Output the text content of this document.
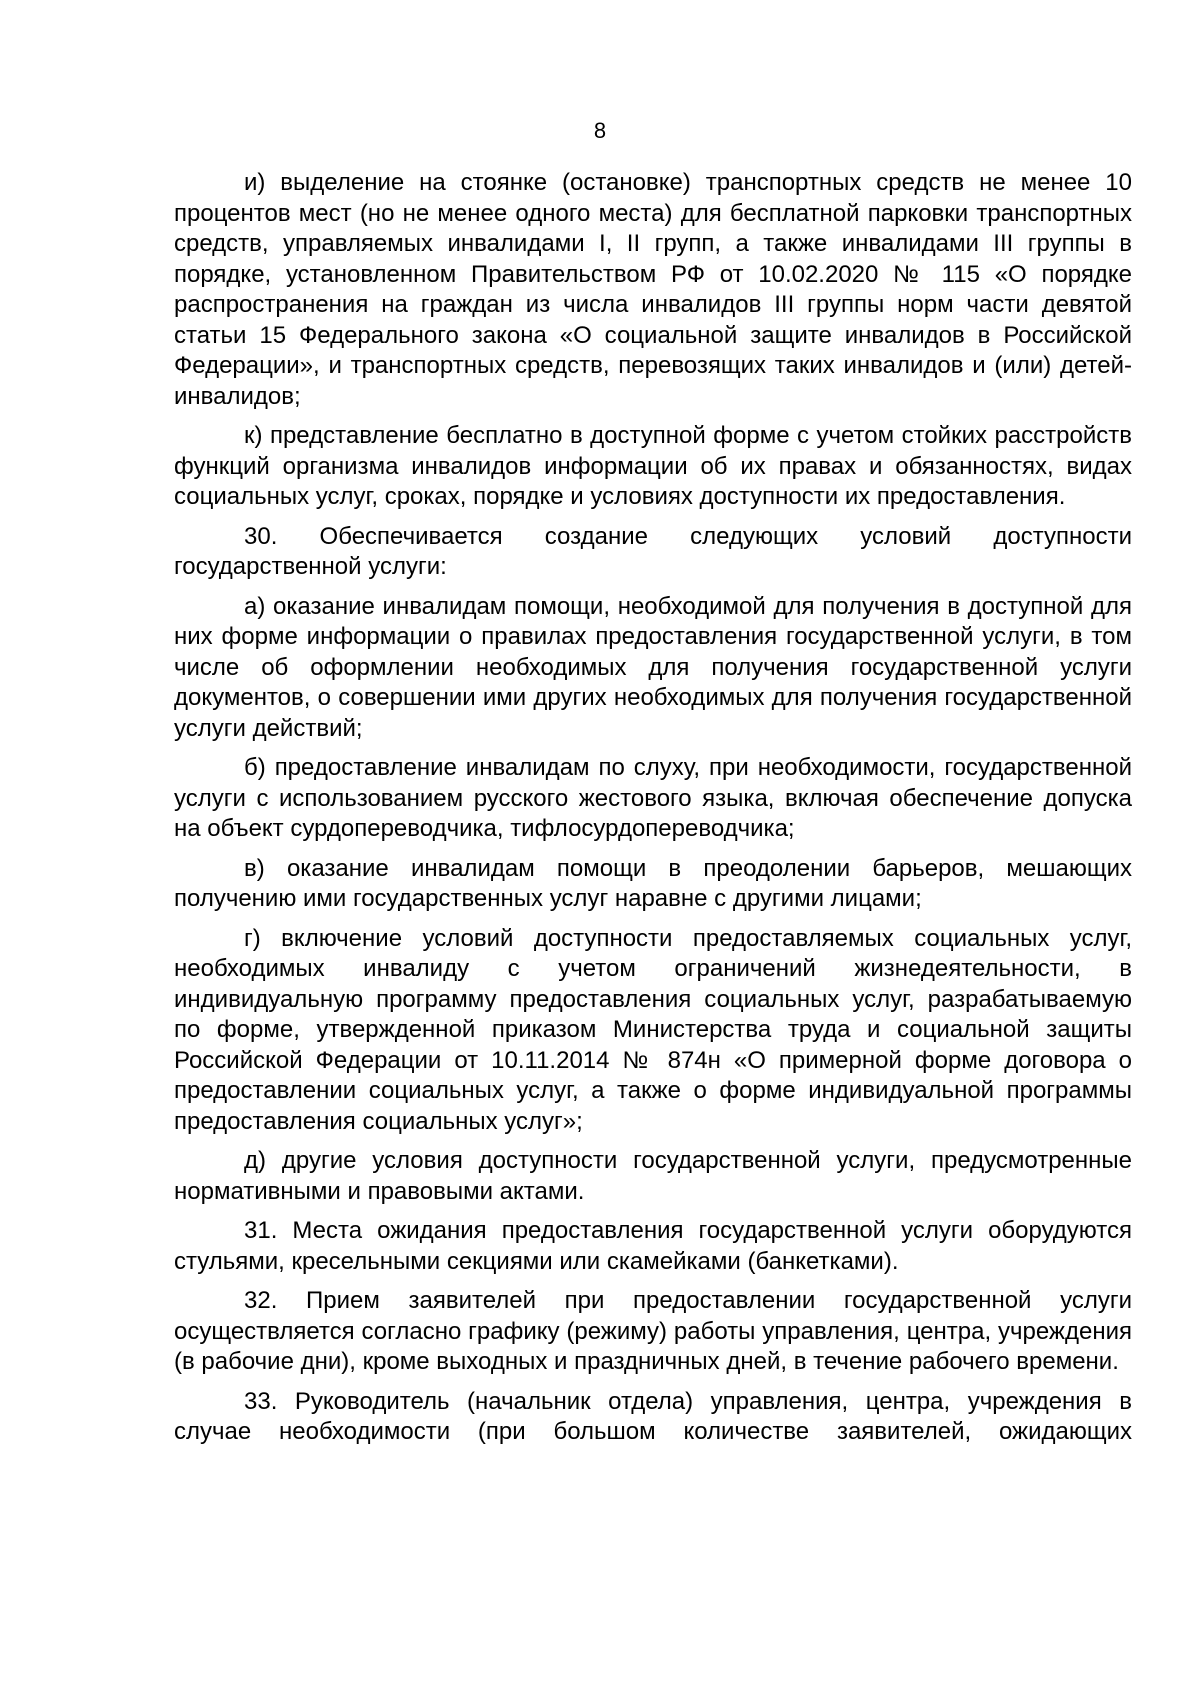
8

и) выделение на стоянке (остановке) транспортных средств не менее 10 процентов мест (но не менее одного места) для бесплатной парковки транспортных средств, управляемых инвалидами I, II групп, а также инвалидами III группы в порядке, установленном Правительством РФ от 10.02.2020 № 115 «О порядке распространения на граждан из числа инвалидов III группы норм части девятой статьи 15 Федерального закона «О социальной защите инвалидов в Российской Федерации», и транспортных средств, перевозящих таких инвалидов и (или) детей-инвалидов;

к) представление бесплатно в доступной форме с учетом стойких расстройств функций организма инвалидов информации об их правах и обязанностях, видах социальных услуг, сроках, порядке и условиях доступности их предоставления.

30. Обеспечивается создание следующих условий доступности государственной услуги:

а) оказание инвалидам помощи, необходимой для получения в доступной для них форме информации о правилах предоставления государственной услуги, в том числе об оформлении необходимых для получения государственной услуги документов, о совершении ими других необходимых для получения государственной услуги действий;

б) предоставление инвалидам по слуху, при необходимости, государственной услуги с использованием русского жестового языка, включая обеспечение допуска на объект сурдопереводчика, тифлосурдопереводчика;

в) оказание инвалидам помощи в преодолении барьеров, мешающих получению ими государственных услуг наравне с другими лицами;

г) включение условий доступности предоставляемых социальных услуг, необходимых инвалиду с учетом ограничений жизнедеятельности, в индивидуальную программу предоставления социальных услуг, разрабатываемую по форме, утвержденной приказом Министерства труда и социальной защиты Российской Федерации от 10.11.2014 № 874н «О примерной форме договора о предоставлении социальных услуг, а также о форме индивидуальной программы предоставления социальных услуг»;

д) другие условия доступности государственной услуги, предусмотренные нормативными и правовыми актами.

31. Места ожидания предоставления государственной услуги оборудуются стульями, кресельными секциями или скамейками (банкетками).

32. Прием заявителей при предоставлении государственной услуги осуществляется согласно графику (режиму) работы управления, центра, учреждения (в рабочие дни), кроме выходных и праздничных дней, в течение рабочего времени.

33. Руководитель (начальник отдела) управления, центра, учреждения в случае необходимости (при большом количестве заявителей, ожидающих
